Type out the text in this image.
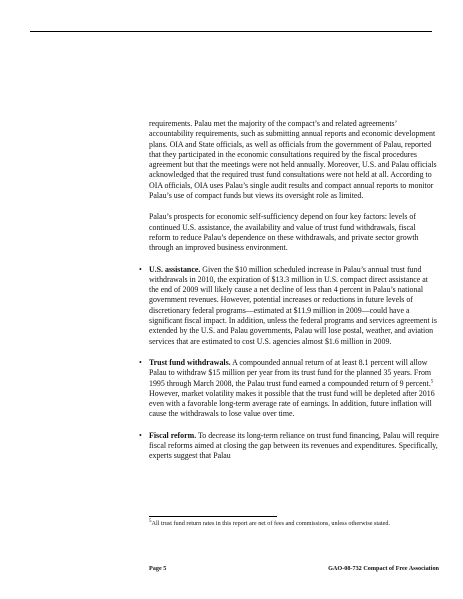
requirements. Palau met the majority of the compact’s and related agreements’ accountability requirements, such as submitting annual reports and economic development plans. OIA and State officials, as well as officials from the government of Palau, reported that they participated in the economic consultations required by the fiscal procedures agreement but that the meetings were not held annually. Moreover, U.S. and Palau officials acknowledged that the required trust fund consultations were not held at all. According to OIA officials, OIA uses Palau’s single audit results and compact annual reports to monitor Palau’s use of compact funds but views its oversight role as limited.

Palau’s prospects for economic self-sufficiency depend on four key factors: levels of continued U.S. assistance, the availability and value of trust fund withdrawals, fiscal reform to reduce Palau’s dependence on these withdrawals, and private sector growth through an improved business environment.

• U.S. assistance. Given the $10 million scheduled increase in Palau’s annual trust fund withdrawals in 2010, the expiration of $13.3 million in U.S. compact direct assistance at the end of 2009 will likely cause a net decline of less than 4 percent in Palau’s national government revenues. However, potential increases or reductions in future levels of discretionary federal programs—estimated at $11.9 million in 2009—could have a significant fiscal impact. In addition, unless the federal programs and services agreement is extended by the U.S. and Palau governments, Palau will lose postal, weather, and aviation services that are estimated to cost U.S. agencies almost $1.6 million in 2009.
• Trust fund withdrawals. A compounded annual return of at least 8.1 percent will allow Palau to withdraw $15 million per year from its trust fund for the planned 35 years. From 1995 through March 2008, the Palau trust fund earned a compounded return of 9 percent.$^5$ However, market volatility makes it possible that the trust fund will be depleted after 2016 even with a favorable long-term average rate of earnings. In addition, future inflation will cause the withdrawals to lose value over time.
• Fiscal reform. To decrease its long-term reliance on trust fund financing, Palau will require fiscal reforms aimed at closing the gap between its revenues and expenditures. Specifically, experts suggest that Palau
$^5$All trust fund return rates in this report are net of fees and commissions, unless otherwise stated.
Page 5	GAO-08-732 Compact of Free Association
